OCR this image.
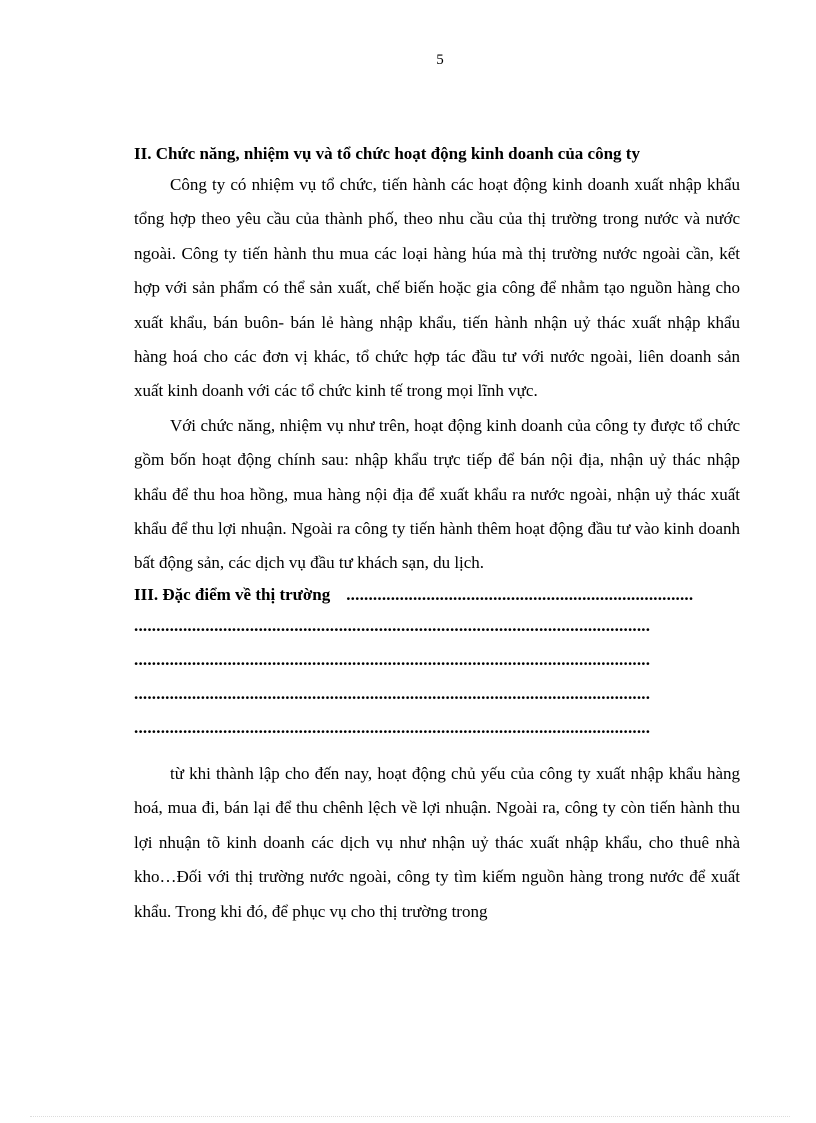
5

II. Chức năng, nhiệm vụ và tổ chức hoạt động kinh doanh của công ty

Công ty có nhiệm vụ tổ chức, tiến hành các hoạt động kinh doanh xuất nhập khẩu tổng hợp theo yêu cầu của thành phố, theo nhu cầu của thị trường trong nước và nước ngoài. Công ty tiến hành thu mua các loại hàng húa mà thị trường nước ngoài cần, kết hợp với sản phẩm có thể sản xuất, chế biến hoặc gia công để nhằm tạo nguồn hàng cho xuất khẩu, bán buôn- bán lẻ hàng nhập khẩu, tiến hành nhận uỷ thác xuất nhập khẩu hàng hoá cho các đơn vị khác, tổ chức hợp tác đầu tư với nước ngoài, liên doanh sản xuất kinh doanh với các tổ chức kinh tế trong mọi lĩnh vực.

Với chức năng, nhiệm vụ như trên, hoạt động kinh doanh của công ty được tổ chức gồm bốn hoạt động chính sau: nhập khẩu trực tiếp để bán nội địa, nhận uỷ thác nhập khẩu để thu hoa hồng, mua hàng nội địa để xuất khẩu ra nước ngoài, nhận uỷ thác xuất khẩu để thu lợi nhuận. Ngoài ra công ty tiến hành thêm hoạt động đầu tư vào kinh doanh bất động sản, các dịch vụ đầu tư khách sạn, du lịch.

III. Đặc điểm về thị trường ..............................................................................
....................................................................................................................
....................................................................................................................
....................................................................................................................
....................................................................................................................

từ khi thành lập cho đến nay, hoạt động chủ yếu của công ty xuất nhập khẩu hàng hoá, mua đi, bán lại để thu chênh lệch về lợi nhuận. Ngoài ra, công ty còn tiến hành thu lợi nhuận tõ kinh doanh các dịch vụ như nhận uỷ thác xuất nhập khẩu, cho thuê nhà kho…Đối với thị trường nước ngoài, công ty tìm kiếm nguồn hàng trong nước để xuất khẩu. Trong khi đó, để phục vụ cho thị trường trong
